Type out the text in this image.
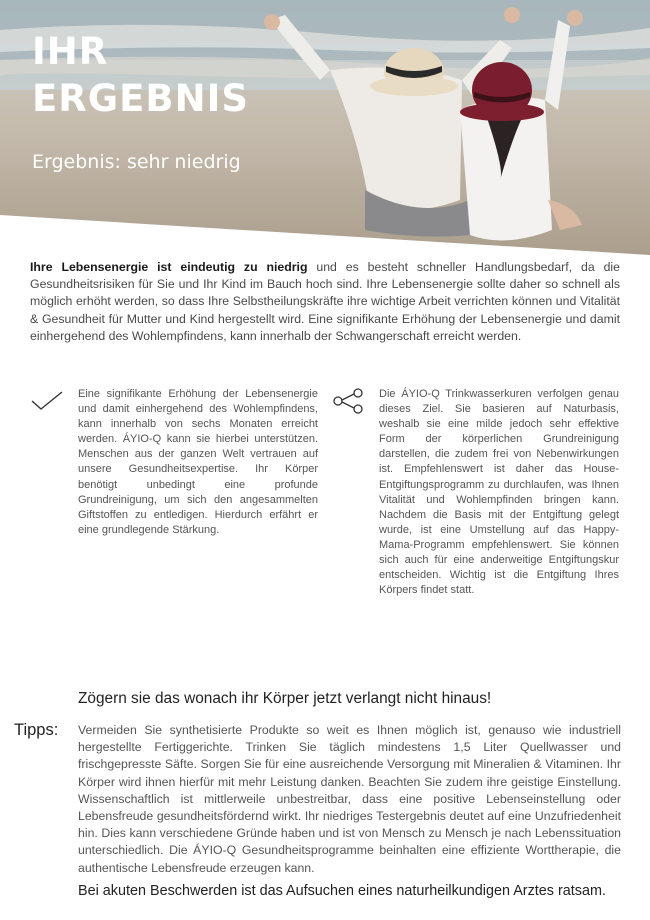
IHR
ERGEBNIS

Ergebnis: sehr niedrig

Ihre Lebensenergie ist eindeutig zu niedrig und es besteht schneller Handlungsbedarf, da die Gesundheitsrisiken für Sie und Ihr Kind im Bauch hoch sind. Ihre Lebensenergie sollte daher so schnell als möglich erhöht werden, so dass Ihre Selbstheilungskräfte ihre wichtige Arbeit verrichten können und Vitalität & Gesundheit für Mutter und Kind hergestellt wird. Eine signifikante Erhöhung der Lebensenergie und damit einhergehend des Wohlempfindens, kann innerhalb der Schwangerschaft erreicht werden.

Eine signifikante Erhöhung der Lebensenergie und damit einhergehend des Wohlempfindens, kann innerhalb von sechs Monaten erreicht werden. ÁYIO-Q kann sie hierbei unterstützen. Menschen aus der ganzen Welt vertrauen auf unsere Gesundheitsexpertise. Ihr Körper benötigt unbedingt eine profunde Grundreinigung, um sich den angesammelten Giftstoffen zu entledigen. Hierdurch erfährt er eine grundlegende Stärkung.

Die ÁYIO-Q Trinkwasserkuren verfolgen genau dieses Ziel. Sie basieren auf Naturbasis, weshalb sie eine milde jedoch sehr effektive Form der körperlichen Grundreinigung darstellen, die zudem frei von Nebenwirkungen ist. Empfehlenswert ist daher das House-Entgiftungsprogramm zu durchlaufen, was Ihnen Vitalität und Wohlempfinden bringen kann. Nachdem die Basis mit der Entgiftung gelegt wurde, ist eine Umstellung auf das Happy-Mama-Programm empfehlenswert. Sie können sich auch für eine anderweitige Entgiftungskur entscheiden. Wichtig ist die Entgiftung Ihres Körpers findet statt.

Zögern sie das wonach ihr Körper jetzt verlangt nicht hinaus!

Tipps: Vermeiden Sie synthetisierte Produkte so weit es Ihnen möglich ist, genauso wie industriell hergestellte Fertiggerichte. Trinken Sie täglich mindestens 1,5 Liter Quellwasser und frischgepresste Säfte. Sorgen Sie für eine ausreichende Versorgung mit Mineralien & Vitaminen. Ihr Körper wird ihnen hierfür mit mehr Leistung danken. Beachten Sie zudem ihre geistige Einstellung. Wissenschaftlich ist mittlerweile unbestreitbar, dass eine positive Lebenseinstellung oder Lebensfreude gesundheitsfördernd wirkt. Ihr niedriges Testergebnis deutet auf eine Unzufriedenheit hin. Dies kann verschiedene Gründe haben und ist von Mensch zu Mensch je nach Lebenssituation unterschiedlich. Die ÁYIO-Q Gesundheitsprogramme beinhalten eine effiziente Worttherapie, die authentische Lebensfreude erzeugen kann.

Bei akuten Beschwerden ist das Aufsuchen eines naturheilkundigen Arztes ratsam.
